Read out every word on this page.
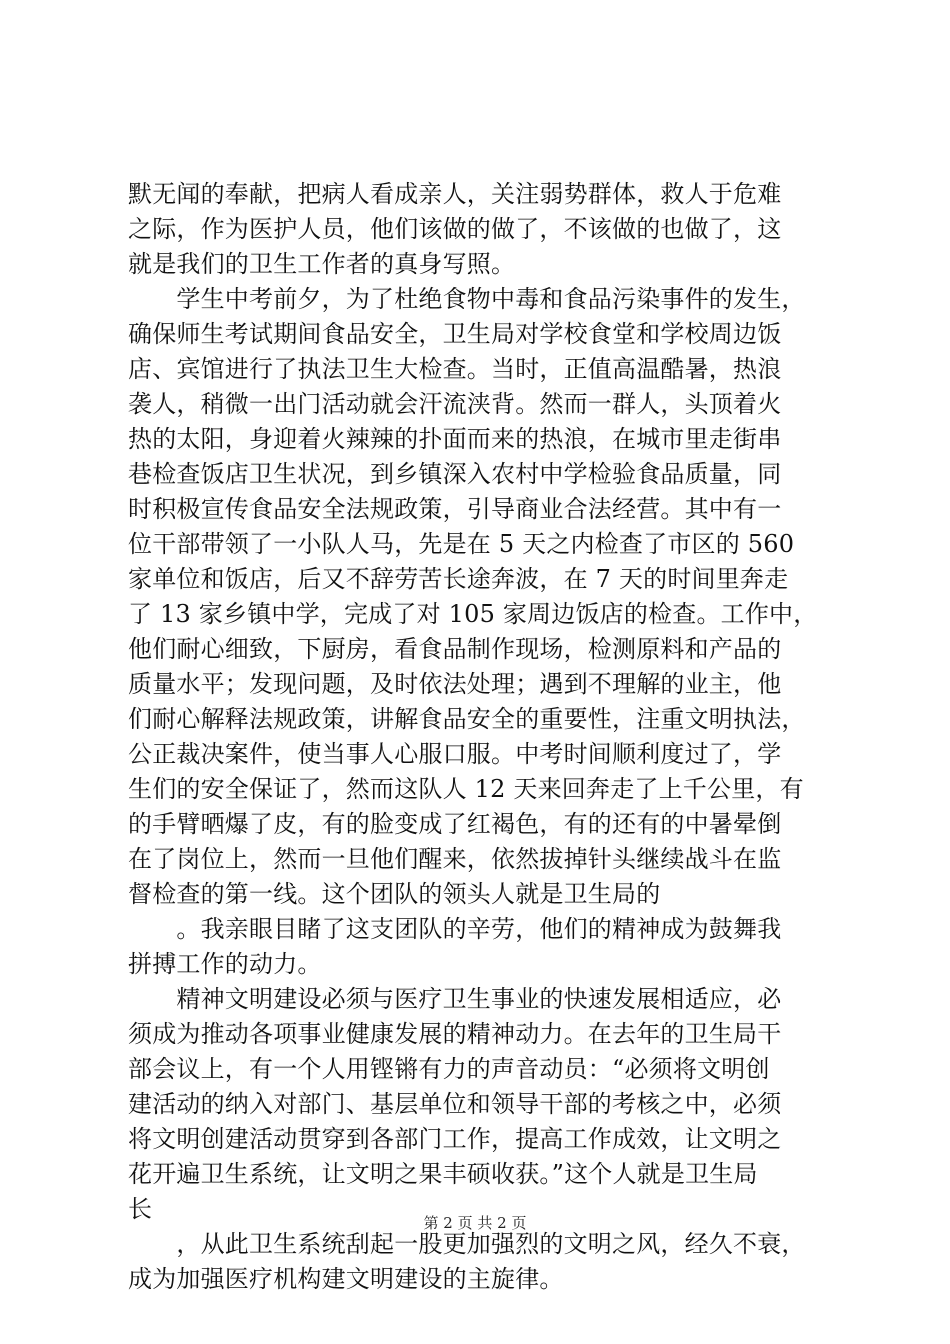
默无闻的奉献，把病人看成亲人，关注弱势群体，救人于危难
之际，作为医护人员，他们该做的做了，不该做的也做了，这
就是我们的卫生工作者的真身写照。
　　学生中考前夕，为了杜绝食物中毒和食品污染事件的发生，
确保师生考试期间食品安全，卫生局对学校食堂和学校周边饭
店、宾馆进行了执法卫生大检查。当时，正值高温酷暑，热浪
袭人，稍微一出门活动就会汗流浃背。然而一群人，头顶着火
热的太阳，身迎着火辣辣的扑面而来的热浪，在城市里走街串
巷检查饭店卫生状况，到乡镇深入农村中学检验食品质量，同
时积极宣传食品安全法规政策，引导商业合法经营。其中有一
位干部带领了一小队人马，先是在 5 天之内检查了市区的 560
家单位和饭店，后又不辞劳苦长途奔波，在 7 天的时间里奔走
了 13 家乡镇中学，完成了对 105 家周边饭店的检查。工作中，
他们耐心细致，下厨房，看食品制作现场，检测原料和产品的
质量水平；发现问题，及时依法处理；遇到不理解的业主，他
们耐心解释法规政策，讲解食品安全的重要性，注重文明执法，
公正裁决案件，使当事人心服口服。中考时间顺利度过了，学
生们的安全保证了，然而这队人 12 天来回奔走了上千公里，有
的手臂晒爆了皮，有的脸变成了红褐色，有的还有的中暑晕倒
在了岗位上，然而一旦他们醒来，依然拔掉针头继续战斗在监
督检查的第一线。这个团队的领头人就是卫生局的
　　。我亲眼目睹了这支团队的辛劳，他们的精神成为鼓舞我
拼搏工作的动力。
　　精神文明建设必须与医疗卫生事业的快速发展相适应，必
须成为推动各项事业健康发展的精神动力。在去年的卫生局干
部会议上，有一个人用铿锵有力的声音动员：“必须将文明创
建活动的纳入对部门、基层单位和领导干部的考核之中，必须
将文明创建活动贯穿到各部门工作，提高工作成效，让文明之
花开遍卫生系统，让文明之果丰硕收获。”这个人就是卫生局
长
　　，从此卫生系统刮起一股更加强烈的文明之风，经久不衰，
成为加强医疗机构建文明建设的主旋律。
第 2 页 共 2 页
